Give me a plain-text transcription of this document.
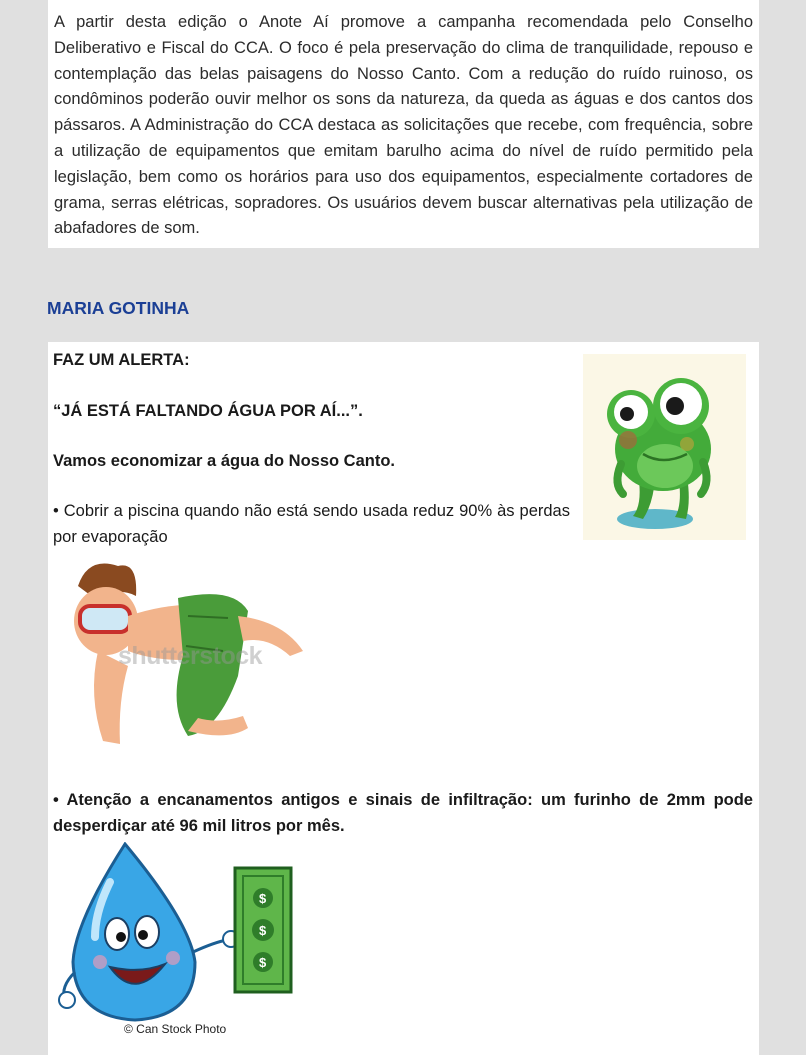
A partir desta edição o Anote Aí promove a campanha recomendada pelo Conselho Deliberativo e Fiscal do CCA. O foco é pela preservação do clima de tranquilidade, repouso e contemplação das belas paisagens do Nosso Canto. Com a redução do ruído ruinoso, os condôminos poderão ouvir melhor os sons da natureza, da queda as águas e dos cantos dos pássaros. A Administração do CCA destaca as solicitações que recebe, com frequência, sobre a utilização de equipamentos que emitam barulho acima do nível de ruído permitido pela legislação, bem como os horários para uso dos equipamentos, especialmente cortadores de grama, serras elétricas, sopradores. Os usuários devem buscar alternativas pela utilização de abafadores de som.

MARIA GOTINHA

FAZ UM ALERTA:

“JÁ ESTÁ FALTANDO ÁGUA POR AÍ...”.

Vamos economizar a água do Nosso Canto.

• Cobrir a piscina quando não está sendo usada reduz 90% às perdas por evaporação

• Atenção a encanamentos antigos e sinais de infiltração: um furinho de 2mm pode desperdiçar até 96 mil litros por mês.

shutterstock
$
$
$
© Can Stock Photo
